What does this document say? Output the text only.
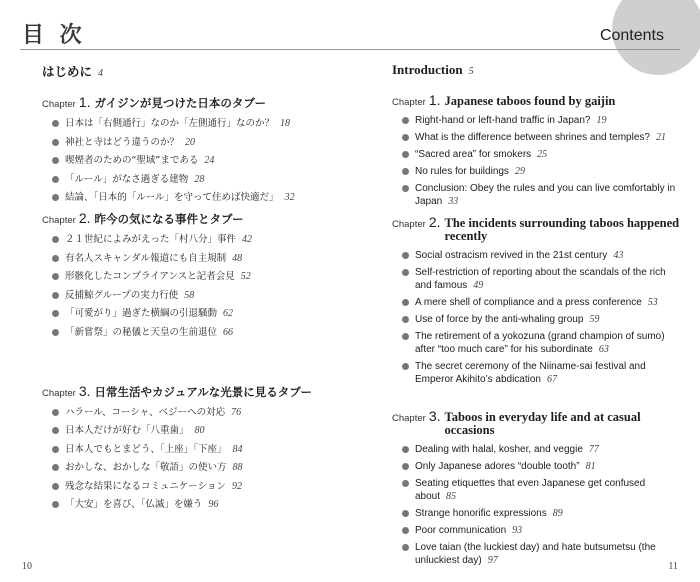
目 次	Contents
はじめに 4
Chapter 1. ガイジンが見つけた日本のタブー
日本は「右側通行」なのか「左側通行」なのか？ 18
神社と寺はどう違うのか？ 20
喫煙者のための“聖域”まである 24
「ルール」がなさ過ぎる建物 28
結論、「日本的「ルール」を守って住めば快適だ」 32
Chapter 2. 昨今の気になる事件とタブー
２１世紀によみがえった「村八分」事件 42
有名人スキャンダル報道にも自主規制 48
形骸化したコンプライアンスと記者会見 52
反捕鯨グループの実力行使 58
「可愛がり」過ぎた横綱の引退騒動 62
「新嘗祭」の秘儀と天皇の生前退位 66
Chapter 3. 日常生活やカジュアルな光景に見るタブー
ハラール、コーシャ、ベジーへの対応 76
日本人だけが好む「八重歯」 80
日本人でもとまどう、「上座」「下座」 84
おかしな、おかしな「敬語」の使い方 88
残念な結果になるコミュニケーション 92
「大安」を喜び、「仏滅」を嫌う 96
Introduction 5
Chapter 1. Japanese taboos found by gaijin
Right-hand or left-hand traffic in Japan? 19
What is the difference between shrines and temples? 21
“Sacred area” for smokers 25
No rules for buildings 29
Conclusion: Obey the rules and you can live comfortably in Japan 33
Chapter 2. The incidents surrounding taboos happened recently
Social ostracism revived in the 21st century 43
Self-restriction of reporting about the scandals of the rich and famous 49
A mere shell of compliance and a press conference 53
Use of force by the anti-whaling group 59
The retirement of a yokozuna (grand champion of sumo) after “too much care” for his subordinate 63
The secret ceremony of the Niiname-sai festival and Emperor Akihito’s abdication 67
Chapter 3. Taboos in everyday life and at casual occasions
Dealing with halal, kosher, and veggie 77
Only Japanese adores “double tooth” 81
Seating etiquettes that even Japanese get confused about 85
Strange honorific expressions 89
Poor communication 93
Love taian (the luckiest day) and hate butsumetsu (the unluckiest day) 97
10	11
